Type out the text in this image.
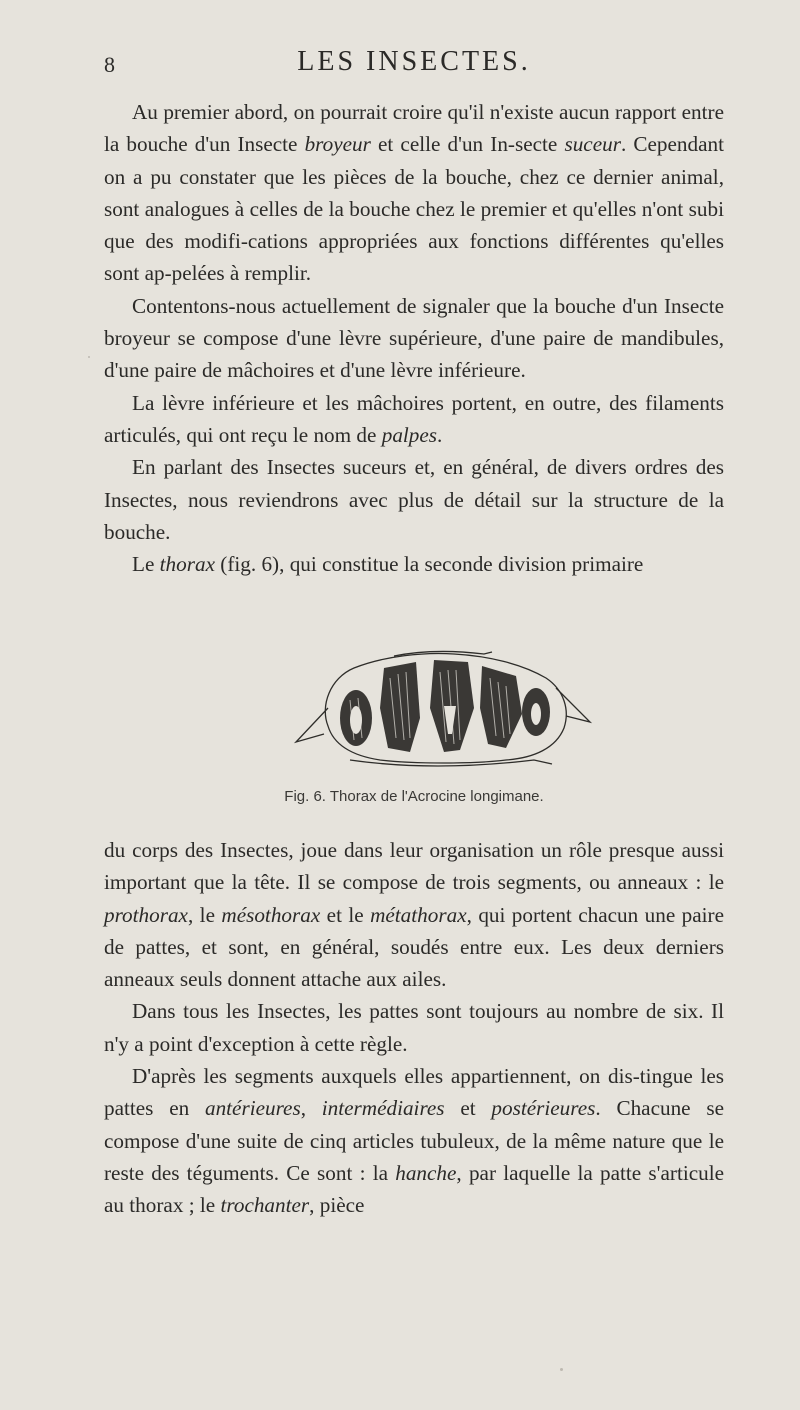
8	LES INSECTES.

Au premier abord, on pourrait croire qu'il n'existe aucun rapport entre la bouche d'un Insecte broyeur et celle d'un In-secte suceur. Cependant on a pu constater que les pièces de la bouche, chez ce dernier animal, sont analogues à celles de la bouche chez le premier et qu'elles n'ont subi que des modifi-cations appropriées aux fonctions différentes qu'elles sont ap-pelées à remplir.

Contentons-nous actuellement de signaler que la bouche d'un Insecte broyeur se compose d'une lèvre supérieure, d'une paire de mandibules, d'une paire de mâchoires et d'une lèvre inférieure.

La lèvre inférieure et les mâchoires portent, en outre, des filaments articulés, qui ont reçu le nom de palpes.

En parlant des Insectes suceurs et, en général, de divers ordres des Insectes, nous reviendrons avec plus de détail sur la structure de la bouche.

Le thorax (fig. 6), qui constitue la seconde division primaire

Fig. 6. Thorax de l'Acrocine longimane.

du corps des Insectes, joue dans leur organisation un rôle presque aussi important que la tête. Il se compose de trois segments, ou anneaux : le prothorax, le mésothorax et le métathorax, qui portent chacun une paire de pattes, et sont, en général, soudés entre eux. Les deux derniers anneaux seuls donnent attache aux ailes.

Dans tous les Insectes, les pattes sont toujours au nombre de six. Il n'y a point d'exception à cette règle.

D'après les segments auxquels elles appartiennent, on dis-tingue les pattes en antérieures, intermédiaires et postérieures. Chacune se compose d'une suite de cinq articles tubuleux, de la même nature que le reste des téguments. Ce sont : la hanche, par laquelle la patte s'articule au thorax ; le trochanter, pièce
